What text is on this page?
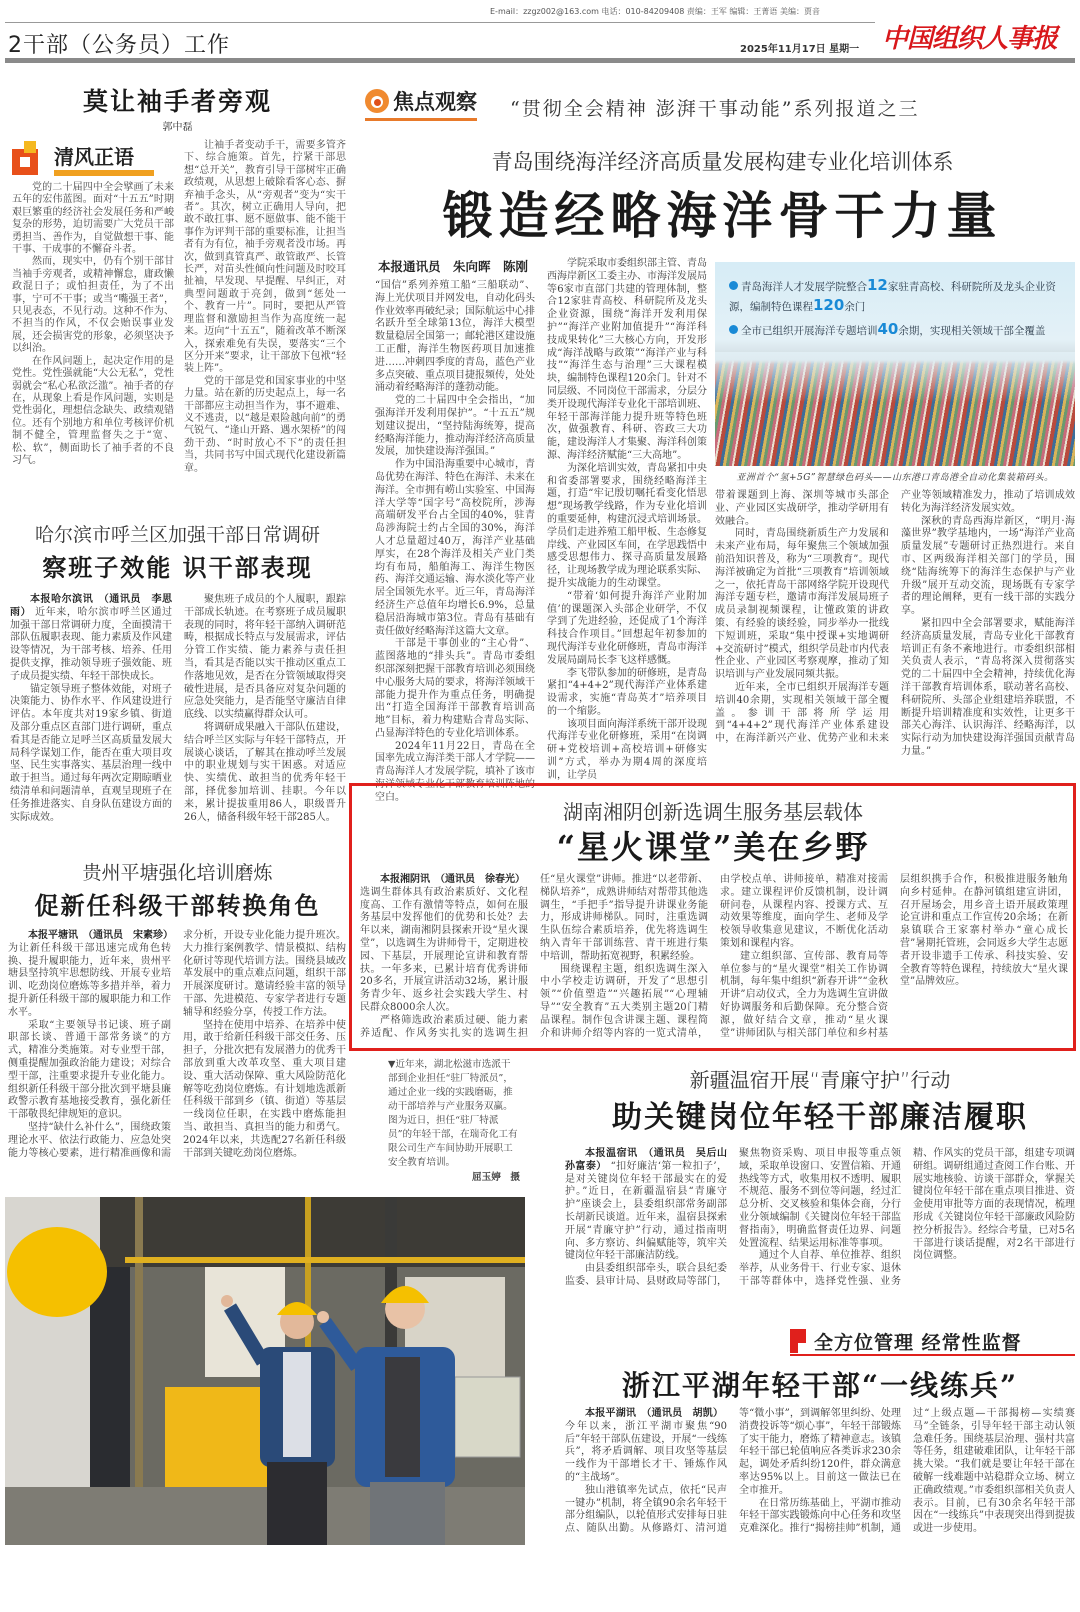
E-mail：zzgz002@163.com 电话：010-84209408 责编：王军 编辑：王菁语 美编：贾音
2干部（公务员）工作	2025年11月17日 星期一 中国组织人事报
莫让袖手者旁观
郭中磊
清风正语

党的二十届四中全会擘画了未来五年的宏伟蓝图。面对“十五五”时期艰巨繁重的经济社会发展任务和严峻复杂的形势，迫切需要广大党员干部勇担当、善作为，自觉做想干事、能干事、干成事的不懈奋斗者。

然而，现实中，仍有个别干部甘当袖手旁观者，或精神懈怠，庸政懒政混日子；或怕担责任，为了不出事，宁可不干事；或当“嘴强王者”，只见表态，不见行动。这种不作为、不担当的作风，不仅会贻误事业发展，还会损害党的形象，必须坚决予以纠治。

在作风问题上，起决定作用的是党性。党性强就能“大公无私”，党性弱就会“私心私欲泛滥”。袖手者的存在，从现象上看是作风问题，实则是党性弱化，理想信念缺失、政绩观错位。还有个别地方和单位考核评价机制不健全，管理监督失之于“宽、松、软”，侧面助长了袖手者的不良习气。

让袖手者变动手干，需要多管齐下、综合施策。首先，拧紧干部思想“总开关”，教育引导干部树牢正确政绩观，从思想上破除看客心态、摒弃袖手念头，从“旁观者”变为“实干者”。其次，树立正确用人导向，把敢不敢扛事、愿不愿做事、能不能干事作为评判干部的重要标准，让担当者有为有位，袖手旁观者没市场。再次，做到真管真严、敢管敢严、长管长严，对苗头性倾向性问题及时咬耳扯袖，早发现、早提醒、早纠正，对典型问题敢于亮剑，做到“惩处一个、教育一片”。同时，要把从严管理监督和激励担当作为高度统一起来。迈向“十五五”，随着改革不断深入，探索难免有失误，要落实“三个区分开来”要求，让干部放下包袱“轻装上阵”。

党的干部是党和国家事业的中坚力量。站在新的历史起点上，每一名干部都应主动担当作为，事不避难、义不逃责，以“越是艰险越向前”的勇气锐气、“逢山开路、遇水架桥”的闯劲干劲、“时时放心不下”的责任担当，共同书写中国式现代化建设新篇章。

哈尔滨市呼兰区加强干部日常调研
察班子效能 识干部表现

本报哈尔滨讯　（通讯员　李思雨） 近年来，哈尔滨市呼兰区通过加强干部日常调研力度，全面摸清干部队伍履职表现、能力素质及作风建设等情况，为干部考核、培养、任用提供支撑，推动领导班子强效能、班子成员提实绩、年轻干部快成长。

锚定领导班子整体效能，对班子决策能力、协作水平、作风建设进行评估。本年度共对19家乡镇、街道及部分重点区直部门进行调研，重点看其是否能立足呼兰区高质量发展大局科学谋划工作，能否在重大项目攻坚、民生实事落实、基层治理一线中敢于担当。通过每年两次定期晾晒业绩清单和问题清单，直观呈现班子在任务推进落实、自身队伍建设方面的实际成效。

聚焦班子成员的个人履职，跟踪干部成长轨迹。在考察班子成员履职表现的同时，将年轻干部纳入调研范畴，根据成长特点与发展需求，评估分管工作实绩、能力素养与责任担当，看其是否能以实干推动区重点工作落地见效，是否在分管领域取得突破性进展，是否具备应对复杂问题的应急处突能力，是否能坚守廉洁自律底线、以实绩赢得群众认可。

将调研成果融入干部队伍建设，结合呼兰区实际与年轻干部特点，开展谈心谈话，了解其在推动呼兰发展中的职业规划与实干困惑。对适应快、实绩优、敢担当的优秀年轻干部，择优参加培训、挂职。今年以来，累计提拔重用86人，职级晋升26人，储备科级年轻干部285人。

贵州平塘强化培训磨炼
促新任科级干部转换角色

本报平塘讯　（通讯员　宋素珍）为让新任科级干部迅速完成角色转换、提升履职能力，近年来，贵州平塘县坚持筑牢思想防线、开展专业培训、吃劲岗位磨炼等多措并举，着力提升新任科级干部的履职能力和工作水平。

采取“主要领导书记谈、班子副职部长谈、普通干部常务谈”的方式，精准分类施策。对专业型干部，侧重提醒加强政治能力建设；对综合型干部，注重要求提升专业化能力。组织新任科级干部分批次到平塘县廉政警示教育基地接受教育，强化新任干部敬畏纪律规矩的意识。

坚持“缺什么补什么”，围绕政策理论水平、依法行政能力、应急处突能力等核心要素，进行精准画像和需求分析，开设专业化能力提升班次。大力推行案例教学、情景模拟、结构化研讨等现代培训方法。围绕县域改革发展中的重点难点问题，组织干部开展深度研讨。邀请经验丰富的领导干部、先进模范、专家学者进行专题辅导和经验分享，传授工作方法。

坚持在使用中培养、在培养中使用，敢于给新任科级干部交任务、压担子，分批次把有发展潜力的优秀干部放到重大改革攻坚、重大项目建设、重大活动保障、重大风险防范化解等吃劲岗位磨炼。有计划地选派新任科级干部到乡（镇、街道）等基层一线岗位任职，在实践中磨炼能担当、敢担当、真担当的能力和勇气。2024年以来，共选配27名新任科级干部到关键吃劲岗位磨炼。

▼近年来，湖北松滋市选派干部到企业担任“驻厂特派员”，通过企业一线的实践磨砺，推动干部培养与产业服务双赢。图为近日，担任“驻厂特派员”的年轻干部，在瑞奇化工有限公司生产车间协助开展职工安全教育培训。
屈玉婷　摄
焦点观察 “贯彻全会精神 澎湃干事动能”系列报道之三
青岛围绕海洋经济高质量发展构建专业化培训体系
锻造经略海洋骨干力量

本报通讯员　朱向晖　陈刚
“国信”系列养殖工船“三船联动”、海上光伏项目并网发电，自动化码头作业效率再破纪录；国际航运中心排名跃升至全球第13位，海洋大模型数量稳居全国第一；邮轮港区建设施工正酣，海洋生物医药项目加速推进……冲刺四季度的青岛，蓝色产业多点突破、重点项目捷报频传，处处涌动着经略海洋的蓬勃动能。

党的二十届四中全会指出，“加强海洋开发利用保护”。“十五五”规划建议提出，“坚持陆海统筹，提高经略海洋能力，推动海洋经济高质量发展，加快建设海洋强国。”

作为中国沿海重要中心城市，青岛优势在海洋、特色在海洋、未来在海洋。全市拥有崂山实验室、中国海洋大学等“国字号”高校院所，涉海高端研发平台占全国的40%，驻青岛涉海院士约占全国的30%，海洋人才总量超过40万，海洋产业基础厚实，在28个海洋及相关产业门类均有布局，船舶海工、海洋生物医药、海洋交通运输、海水淡化等产业居全国领先水平。近三年，青岛海洋经济生产总值年均增长6.9%，总量稳居沿海城市第3位。青岛有基础有责任做好经略海洋这篇大文章。

干部是干事创业的“主心骨”、蓝图落地的“排头兵”。青岛市委组织部深刻把握干部教育培训必须围绕中心服务大局的要求，将海洋领域干部能力提升作为重点任务，明确提出“打造全国海洋干部教育培训高地”目标，着力构建贴合青岛实际、凸显海洋特色的专业化培训体系。

2024年11月22日，青岛在全国率先成立海洋类干部人才学院——青岛海洋人才发展学院，填补了该市海洋领域专业化干部教育培训阵地的空白。

学院采取市委组织部主管、青岛西海岸新区工委主办、市海洋发展局等6家市直部门共建的管理体制，整合12家驻青高校、科研院所及龙头企业资源，围绕“海洋开发利用保护”“海洋产业附加值提升”“海洋科技成果转化”三大核心方向，开发形成“海洋战略与政策”“海洋产业与科技”“海洋生态与治理”三大课程模块，编制特色课程120余门。针对不同层级、不同岗位干部需求，分层分类开设现代海洋专业化干部培训班、年轻干部海洋能力提升班等特色班次，做强教育、科研、咨政三大功能，建设海洋人才集聚、海洋科创策源、海洋经济赋能“三大高地”。

为深化培训实效，青岛紧扣中央和省委部署要求，围绕经略海洋主题，打造“牢记殷切嘱托看变化悟思想”现场教学线路，作为专业化培训的重要延伸，构建沉浸式培训场景。学员们走进养殖工船甲板、生态修复岸线、产业园区车间，在学思践悟中感受思想伟力、探寻高质量发展路径，让现场教学成为理论联系实际、提升实战能力的生动课堂。

“带着‘如何提升海洋产业附加值’的课题深入头部企业研学，不仅学到了先进经验，还促成了1个海洋科技合作项目。”回想起年初参加的现代海洋专业化研修班，青岛市海洋发展局副局长李飞这样感慨。

李飞带队参加的研修班，是青岛紧扣“4+4+2”现代海洋产业体系建设需求，实施“青岛英才”培养项目的一个缩影。

该项目面向海洋系统干部开设现代海洋专业化研修班，采用“在岗调研+党校培训+高校培训+研修实训”方式，举办为期4周的深度培训，让学员

青岛海洋人才发展学院整合12家驻青高校、科研院所及龙头企业资源，编制特色课程120余门
全市已组织开展海洋专题培训40余期，实现相关领域干部全覆盖
亚洲首个“氢+5G”智慧绿色码头——山东港口青岛港全自动化集装箱码头。

带着课题到上海、深圳等城市头部企业、产业园区实战研学，推动学研用有效融合。

同时，青岛围绕新质生产力发展和未来产业布局，每年聚焦三个领域加强前沿知识普及，称为“三项教育”。现代海洋被确定为首批“三项教育”培训领域之一，依托青岛干部网络学院开设现代海洋专题专栏，邀请市海洋发展局班子成员录制视频课程，让懂政策的讲政策、有经验的谈经验，同步举办一批线下短训班，采取“集中授课+实地调研+交流研讨”模式，组织学员赴市内代表性企业、产业园区考察观摩，推动了知识培训与产业发展同频共振。

近年来，全市已组织开展海洋专题培训40余期，实现相关领域干部全覆盖。参训干部将所学运用到“4+4+2”现代海洋产业体系建设中，在海洋新兴产业、优势产业和未来产业等领域精准发力，推动了培训成效转化为海洋经济发展实效。

深秋的青岛西海岸新区，“明月·海藻世界”教学基地内，一场“海洋产业高质量发展”专题研讨正热烈进行。来自市、区两级海洋相关部门的学员，围绕“陆海统筹下的海洋生态保护与产业升级”展开互动交流，现场既有专家学者的理论阐释，更有一线干部的实践分享。

紧扣四中全会部署要求，赋能海洋经济高质量发展，青岛专业化干部教育培训正有条不紊地进行。市委组织部相关负责人表示，“青岛将深入贯彻落实党的二十届四中全会精神，持续优化海洋干部教育培训体系，联动著名高校、科研院所、头部企业组建培养联盟，不断提升培训精准度和实效性，让更多干部关心海洋、认识海洋、经略海洋，以实际行动为加快建设海洋强国贡献青岛力量。”

湖南湘阴创新选调生服务基层载体
“星火课堂”美在乡野

本报湘阴讯　（通讯员　徐春光）选调生群体具有政治素质好、文化程度高、工作有激情等特点，如何在服务基层中发挥他们的优势和长处？去年以来，湖南湘阴县探索开设“星火课堂”，以选调生为讲师骨干，定期进校园、下基层，开展理论宣讲和教育帮扶。一年多来，已累计培育优秀讲师20多名，开展宣讲活动32场，累计服务青少年、返乡社会实践大学生、村民群众8000余人次。

严格筛选政治素质过硬、能力素养适配、作风务实扎实的选调生担任“星火课堂”讲师。推进“以老带新、梯队培养”，成熟讲师结对帮带其他选调生，“手把手”指导提升讲课业务能力，形成讲师梯队。同时，注重选调生队伍综合素质培养，优先将选调生纳入青年干部训练营、青干班进行集中培训，帮助拓宽视野，积累经验。

围绕课程主题，组织选调生深入中小学校走访调研，开发了“思想引领”“价值塑造”“兴趣拓展”“心理辅导”“安全教育”五大类别主题20门精品课程。制作包含讲课主题、课程简介和讲师介绍等内容的一览式清单，由学校点单、讲师接单，精准对接需求。建立课程评价反馈机制，设计调研问卷，从课程内容、授课方式、互动效果等维度，面向学生、老师及学校领导收集意见建议，不断优化活动策划和课程内容。

建立组织部、宣传部、教育局等单位参与的“星火课堂”相关工作协调机制，每年集中组织“新春开讲”“金秋开讲”启动仪式，全力为选调生宣讲做好协调服务和后勤保障。充分整合资源，做好结合文章，推动“星火课堂”讲师团队与相关部门单位和乡村基层组织携手合作，积极推进服务触角向乡村延伸。在静河镇组建宣讲团，召开屋场会，用乡音土语开展政策理论宣讲和重点工作宣传20余场；在新泉镇联合王家寨村举办“童心成长营”暑期托管班，会同返乡大学生志愿者开设非遗手工传承、科技实验、安全教育等特色课程，持续放大“星火课堂”品牌效应。

新疆温宿开展“青廉守护”行动
助关键岗位年轻干部廉洁履职

本报温宿讯　（通讯员　吴后山　孙富泰） “扣好廉洁‘第一粒扣子’，是对关键岗位年轻干部最实在的爱护。”近日，在新疆温宿县“青廉守护”座谈会上，县委组织部常务副部长胡新民谈道。近年来，温宿县探索开展“青廉守护”行动，通过指南明向、多方察访、纠偏赋能等，筑牢关键岗位年轻干部廉洁防线。

由县委组织部牵头，联合县纪委监委、县审计局、县财政局等部门，聚焦物资采购、项目申报等重点领域，采取单设窗口、安置信箱、开通热线等方式，收集用权不透明、履职不规范、服务不到位等问题，经过汇总分析、交叉核验和集体会商，分行业分领域编制《关键岗位年轻干部监督指南》，明确监督责任边界、问题处置流程、结果运用标准等事项。

通过个人自荐、单位推荐、组织举荐，从业务骨干、行业专家、退休干部等群体中，选择党性强、业务精、作风实的党员干部，组建专项调研组。调研组通过查阅工作台账、开展实地核验、访谈干部群众，掌握关键岗位年轻干部在重点项目推进、资金使用审批等方面的表现情况，梳理形成《关键岗位年轻干部廉政风险防控分析报告》。经综合考量，已对5名干部进行谈话提醒，对2名干部进行岗位调整。

全方位管理 经常性监督
浙江平湖年轻干部“一线练兵”

本报平湖讯　（通讯员　胡凯）今年以来，浙江平湖市聚焦“90后”年轻干部队伍建设，开展“一线练兵”，将矛盾调解、项目攻坚等基层一线作为干部增长才干、锤炼作风的“主战场”。

独山港镇率先试点，依托“民声一键办”机制，将全镇90余名年轻干部分组编队，以轮值形式安排每日驻点、随队出勤。从修路灯、清河道等“微小事”，到调解邻里纠纷、处理消费投诉等“烦心事”，年轻干部锻炼了实干能力，磨炼了精神意志。该镇年轻干部已轮值响应各类诉求230余起，调处矛盾纠纷120件，群众满意率达95%以上。目前这一做法已在全市推开。

在日常历练基础上，平湖市推动年轻干部实践锻炼向中心任务和攻坚克难深化。推行“揭榜挂帅”机制，通过“上级点题—干部揭榜—实绩赛马”全链条，引导年轻干部主动认领急难任务。围绕基层治理、强村共富等任务，组建破难团队，让年轻干部挑大梁。“我们就是要让年轻干部在破解一线难题中站稳群众立场、树立正确政绩观。”市委组织部相关负责人表示。目前，已有30余名年轻干部因在“一线练兵”中表现突出得到提拔或进一步使用。
